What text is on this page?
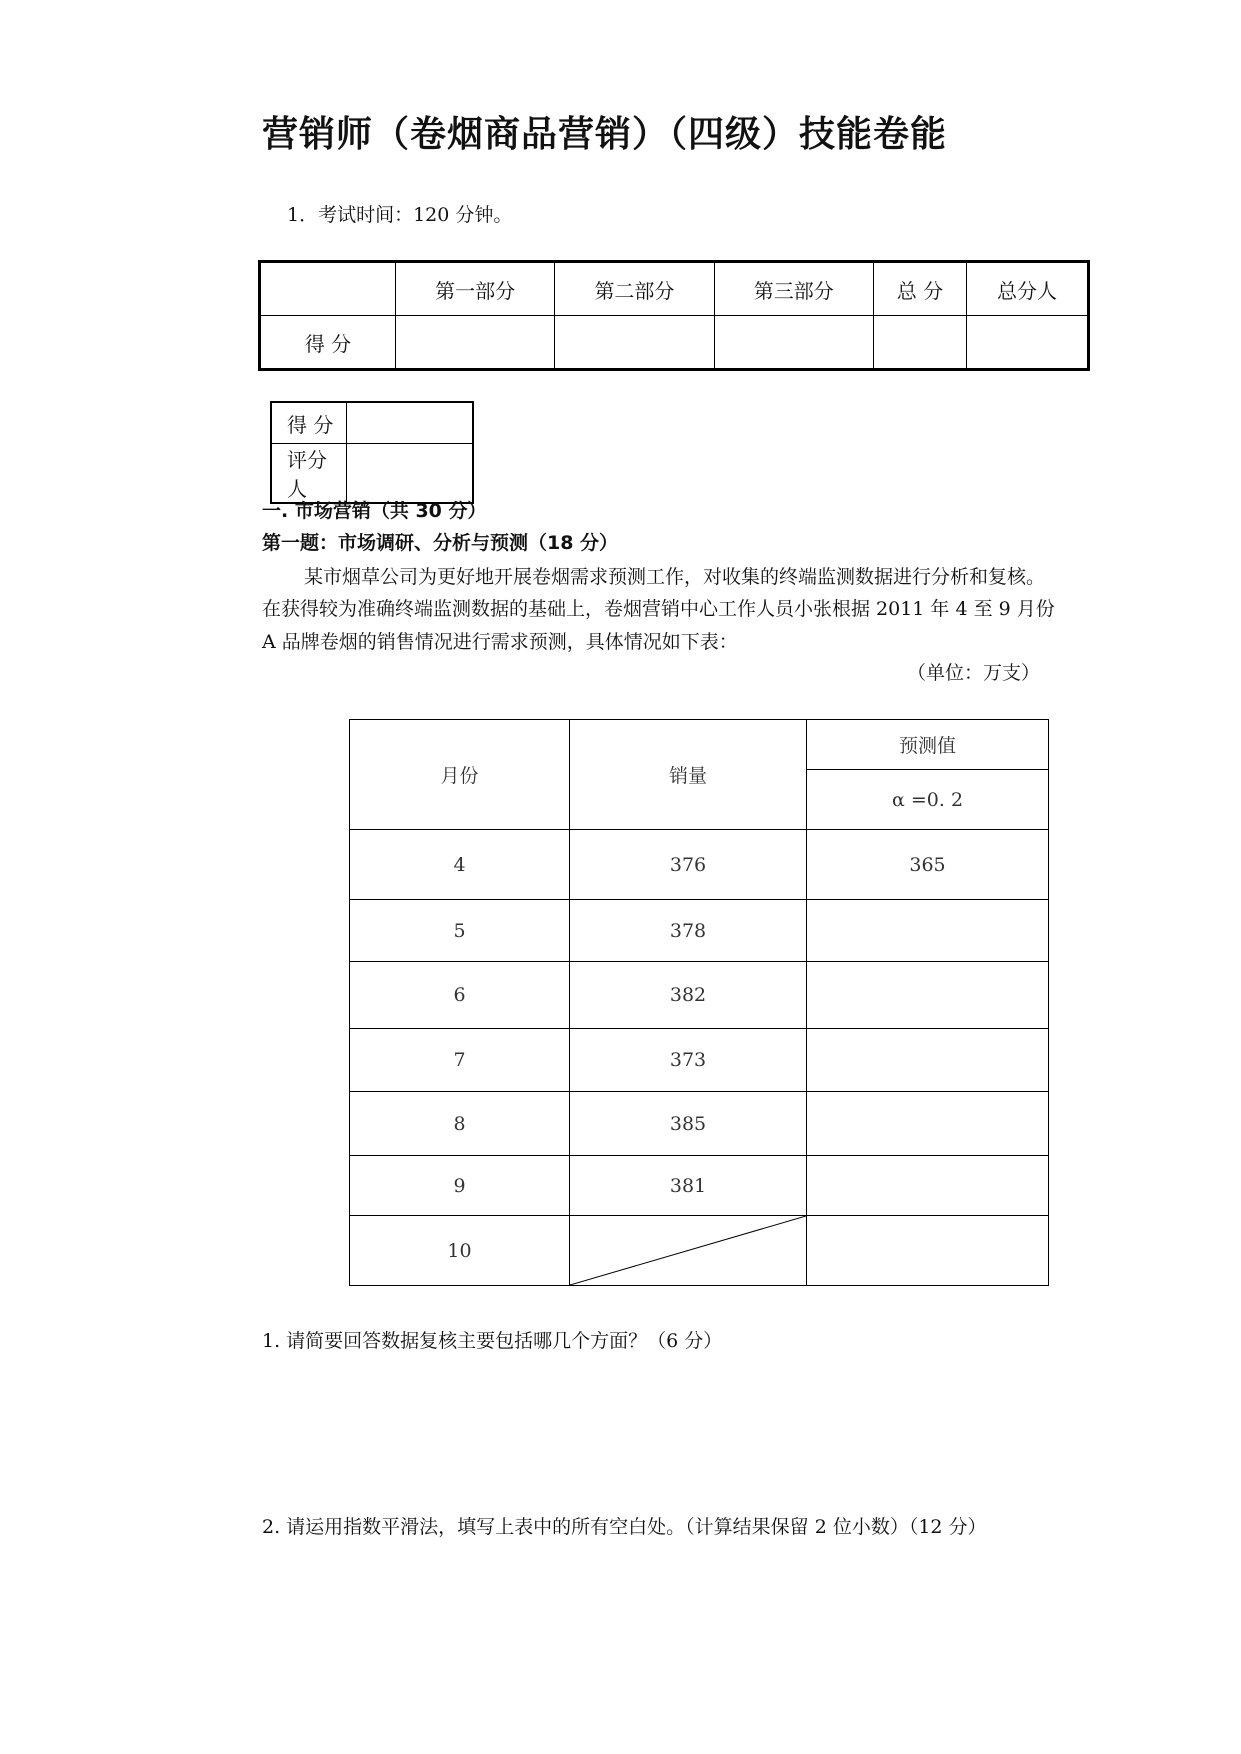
营销师（卷烟商品营销）（四级）技能卷能
1．考试时间：120 分钟。
	第一部分	第二部分	第三部分	总 分	总分人
得 分					
得 分	
评分人	
一. 市场营销（共 30 分）
第一题：市场调研、分析与预测（18 分）
某市烟草公司为更好地开展卷烟需求预测工作，对收集的终端监测数据进行分析和复核。
在获得较为准确终端监测数据的基础上，卷烟营销中心工作人员小张根据 2011 年 4 至 9 月份
A 品牌卷烟的销售情况进行需求预测，具体情况如下表：
（单位：万支）
月份	销量	预测值
		α =0. 2
4	376	365
5	378	
6	382	
7	373	
8	385	
9	381	
10	

1. 请简要回答数据复核主要包括哪几个方面？（6 分）
2. 请运用指数平滑法，填写上表中的所有空白处。（计算结果保留 2 位小数）（12 分）
